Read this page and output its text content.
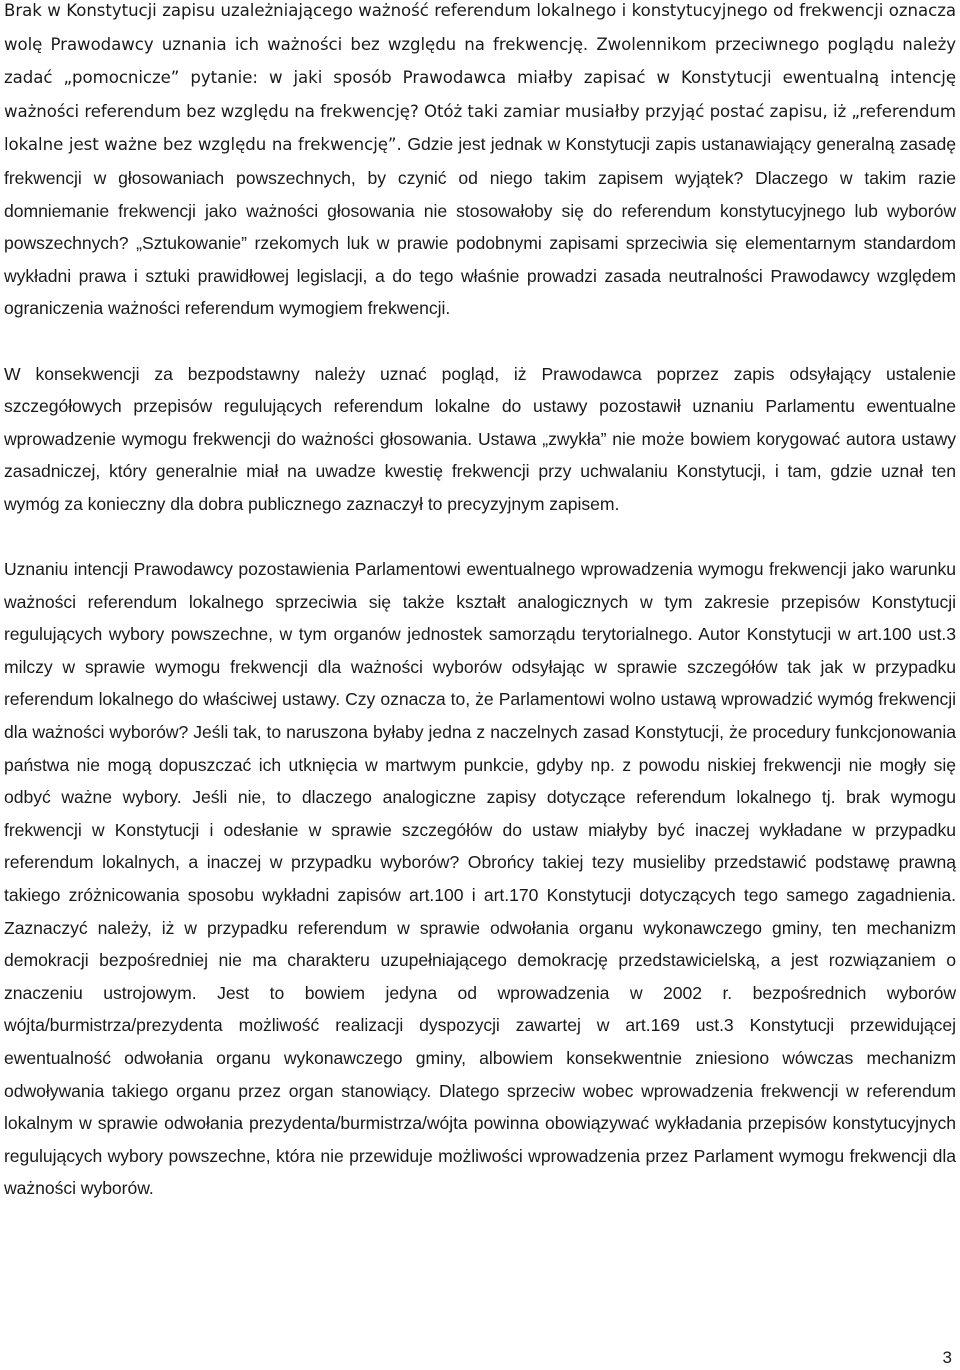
Brak w Konstytucji zapisu uzależniającego ważność referendum lokalnego i konstytucyjnego od frekwencji oznacza wolę Prawodawcy uznania ich ważności bez względu na frekwencję. Zwolennikom przeciwnego poglądu należy zadać „pomocnicze” pytanie: w jaki sposób Prawodawca miałby zapisać w Konstytucji ewentualną intencję ważności referendum bez względu na frekwencję? Otóż taki zamiar musiałby przyjąć postać zapisu, iż „referendum lokalne jest ważne bez względu na frekwencję”. Gdzie jest jednak w Konstytucji zapis ustanawiający generalną zasadę frekwencji w głosowaniach powszechnych, by czynić od niego takim zapisem wyjątek? Dlaczego w takim razie domniemanie frekwencji jako ważności głosowania nie stosowałoby się do referendum konstytucyjnego lub wyborów powszechnych? „Sztukowanie” rzekomych luk w prawie podobnymi zapisami sprzeciwia się elementarnym standardom wykładni prawa i sztuki prawidłowej legislacji, a do tego właśnie prowadzi zasada neutralności Prawodawcy względem ograniczenia ważności referendum wymogiem frekwencji.

W konsekwencji za bezpodstawny należy uznać pogląd, iż Prawodawca poprzez zapis odsyłający ustalenie szczegółowych przepisów regulujących referendum lokalne do ustawy pozostawił uznaniu Parlamentu ewentualne wprowadzenie wymogu frekwencji do ważności głosowania. Ustawa „zwykła” nie może bowiem korygować autora ustawy zasadniczej, który generalnie miał na uwadze kwestię frekwencji przy uchwalaniu Konstytucji, i tam, gdzie uznał ten wymóg za konieczny dla dobra publicznego zaznaczył to precyzyjnym zapisem.

Uznaniu intencji Prawodawcy pozostawienia Parlamentowi ewentualnego wprowadzenia wymogu frekwencji jako warunku ważności referendum lokalnego sprzeciwia się także kształt analogicznych w tym zakresie przepisów Konstytucji regulujących wybory powszechne, w tym organów jednostek samorządu terytorialnego. Autor Konstytucji w art.100 ust.3 milczy w sprawie wymogu frekwencji dla ważności wyborów odsyłając w sprawie szczegółów tak jak w przypadku referendum lokalnego do właściwej ustawy. Czy oznacza to, że Parlamentowi wolno ustawą wprowadzić wymóg frekwencji dla ważności wyborów? Jeśli tak, to naruszona byłaby jedna z naczelnych zasad Konstytucji, że procedury funkcjonowania państwa nie mogą dopuszczać ich utknięcia w martwym punkcie, gdyby np. z powodu niskiej frekwencji nie mogły się odbyć ważne wybory. Jeśli nie, to dlaczego analogiczne zapisy dotyczące referendum lokalnego tj. brak wymogu frekwencji w Konstytucji i odesłanie w sprawie szczegółów do ustaw miałyby być inaczej wykładane w przypadku referendum lokalnych, a inaczej w przypadku wyborów? Obrońcy takiej tezy musieliby przedstawić podstawę prawną takiego zróżnicowania sposobu wykładni zapisów art.100 i art.170 Konstytucji dotyczących tego samego zagadnienia. Zaznaczyć należy, iż w przypadku referendum w sprawie odwołania organu wykonawczego gminy, ten mechanizm demokracji bezpośredniej nie ma charakteru uzupełniającego demokrację przedstawicielską, a jest rozwiązaniem o znaczeniu ustrojowym. Jest to bowiem jedyna od wprowadzenia w 2002 r. bezpośrednich wyborów wójta/burmistrza/prezydenta możliwość realizacji dyspozycji zawartej w art.169 ust.3 Konstytucji przewidującej ewentualność odwołania organu wykonawczego gminy, albowiem konsekwentnie zniesiono wówczas mechanizm odwoływania takiego organu przez organ stanowiący. Dlatego sprzeciw wobec wprowadzenia frekwencji w referendum lokalnym w sprawie odwołania prezydenta/burmistrza/wójta powinna obowiązywać wykładania przepisów konstytucyjnych regulujących wybory powszechne, która nie przewiduje możliwości wprowadzenia przez Parlament wymogu frekwencji dla ważności wyborów.

3
